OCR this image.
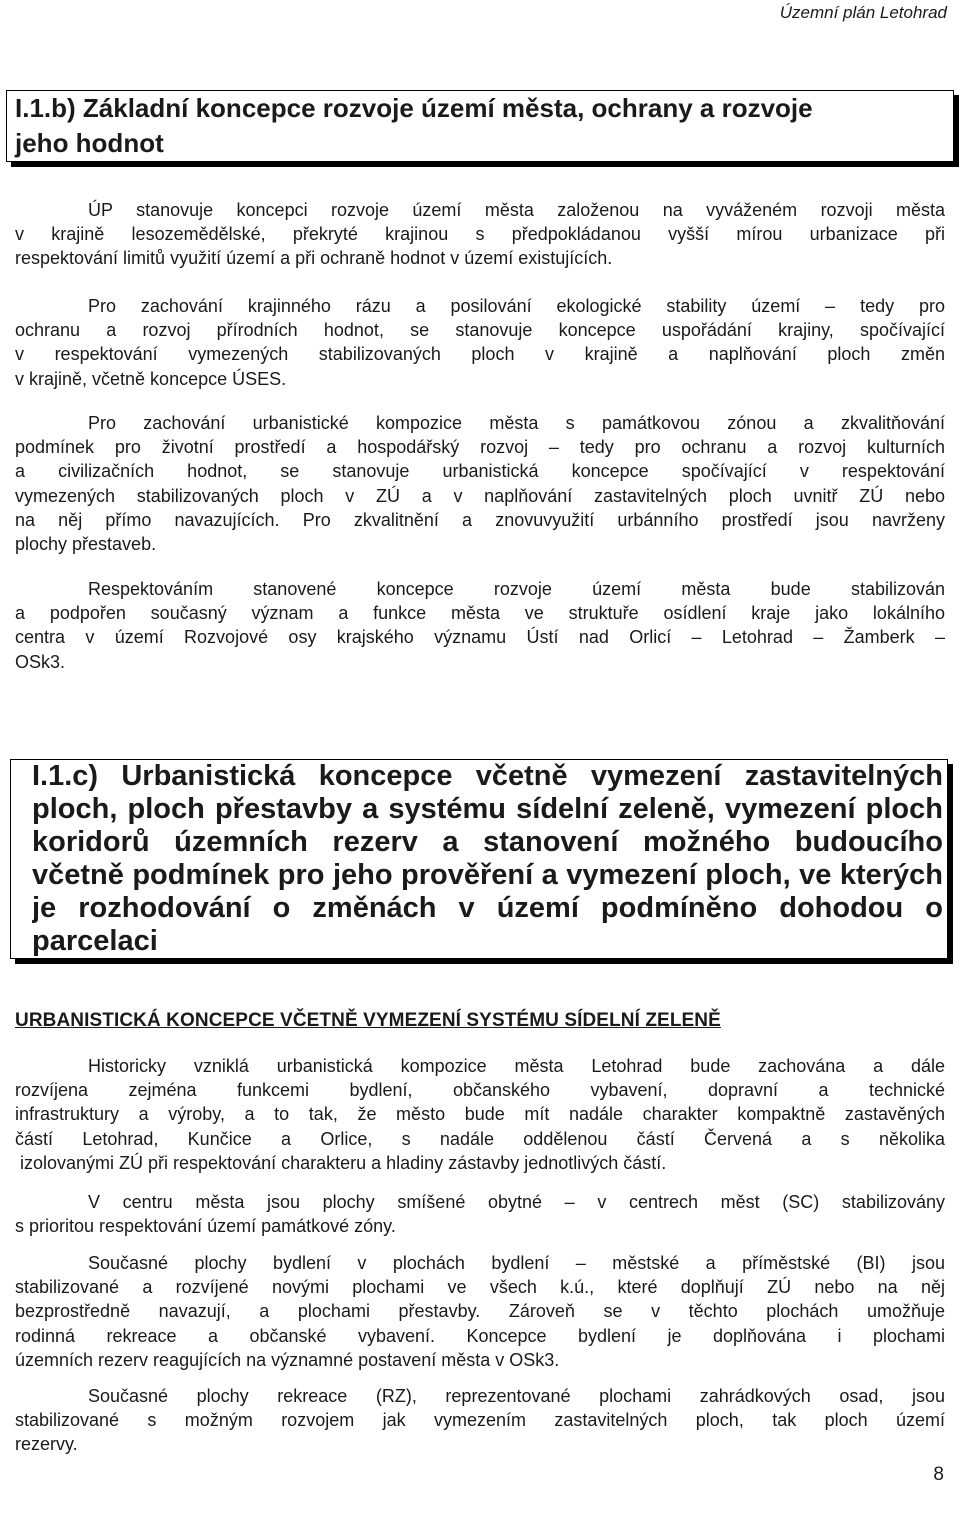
Územní plán Letohrad
I.1.b) Základní koncepce rozvoje území města, ochrany a rozvoje
jeho hodnot
ÚP stanovuje koncepci rozvoje území města založenou na vyváženém rozvoji města
v krajině lesozemědělské, překryté krajinou s předpokládanou vyšší mírou urbanizace při
respektování limitů využití území a při ochraně hodnot v území existujících.
Pro zachování krajinného rázu a posilování ekologické stability území – tedy pro
ochranu a rozvoj přírodních hodnot, se stanovuje koncepce uspořádání krajiny, spočívající
v respektování vymezených stabilizovaných ploch v krajině a naplňování ploch změn
v krajině, včetně koncepce ÚSES.
Pro zachování urbanistické kompozice města s památkovou zónou a zkvalitňování
podmínek pro životní prostředí a hospodářský rozvoj – tedy pro ochranu a rozvoj kulturních
a civilizačních hodnot, se stanovuje urbanistická koncepce spočívající v respektování
vymezených stabilizovaných ploch v ZÚ a v naplňování zastavitelných ploch uvnitř ZÚ nebo
na něj přímo navazujících. Pro zkvalitnění a znovuvyužití urbánního prostředí jsou navrženy
plochy přestaveb.
Respektováním stanovené koncepce rozvoje území města bude stabilizován
a podpořen současný význam a funkce města ve struktuře osídlení kraje jako lokálního
centra v území Rozvojové osy krajského významu Ústí nad Orlicí – Letohrad – Žamberk –
OSk3.
I.1.c) Urbanistická koncepce včetně vymezení zastavitelných
ploch, ploch přestavby a systému sídelní zeleně, vymezení ploch
koridorů územních rezerv a stanovení možného budoucího
včetně podmínek pro jeho prověření a vymezení ploch, ve kterých
je rozhodování o změnách v území podmíněno dohodou o
parcelaci
URBANISTICKÁ KONCEPCE VČETNĚ VYMEZENÍ SYSTÉMU SÍDELNÍ ZELENĚ
Historicky vzniklá urbanistická kompozice města Letohrad bude zachována a dále
rozvíjena zejména funkcemi bydlení, občanského vybavení, dopravní a technické
infrastruktury a výroby, a to tak, že město bude mít nadále charakter kompaktně zastavěných
částí Letohrad, Kunčice a Orlice, s nadále oddělenou částí Červená a s několika
izolovanými ZÚ při respektování charakteru a hladiny zástavby jednotlivých částí.
V centru města jsou plochy smíšené obytné – v centrech měst (SC) stabilizovány
s prioritou respektování území památkové zóny.
Současné plochy bydlení v plochách bydlení – městské a příměstské (BI) jsou
stabilizované a rozvíjené novými plochami ve všech k.ú., které doplňují ZÚ nebo na něj
bezprostředně navazují, a plochami přestavby. Zároveň se v těchto plochách umožňuje
rodinná rekreace a občanské vybavení. Koncepce bydlení je doplňována i plochami
územních rezerv reagujících na významné postavení města v OSk3.
Současné plochy rekreace (RZ), reprezentované plochami zahrádkových osad, jsou
stabilizované s možným rozvojem jak vymezením zastavitelných ploch, tak ploch území
rezervy.
8
